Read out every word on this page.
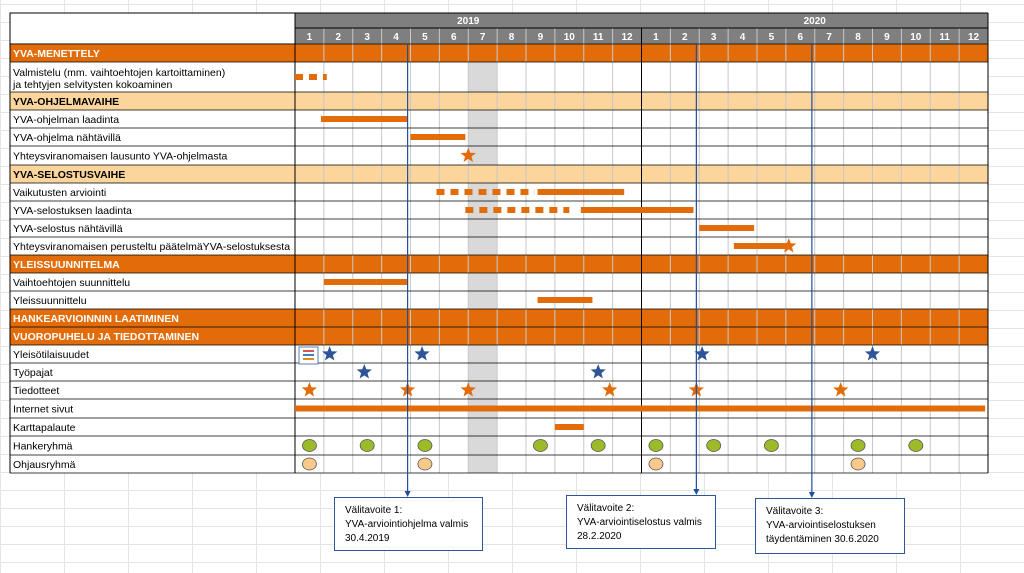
2019	2020
1 2 3 4 5 6 7 8 9 10 11 12 1 2 3 4 5 6 7 8 9 10 11 12
YVA-MENETTELY
Valmistelu (mm. vaihtoehtojen kartoittaminen)
ja tehtyjen selvitysten kokoaminen
YVA-OHJELMAVAIHE
YVA-ohjelman laadinta
YVA-ohjelma nähtävillä
Yhteysviranomaisen lausunto YVA-ohjelmasta
YVA-SELOSTUSVAIHE
Vaikutusten arviointi
YVA-selostuksen laadinta
YVA-selostus nähtävillä
Yhteysviranomaisen perusteltu päätelmäYVA-selostuksesta
YLEISSUUNNITELMA
Vaihtoehtojen suunnittelu
Yleissuunnittelu
HANKEARVIOINNIN LAATIMINEN
VUOROPUHELU JA TIEDOTTAMINEN
Yleisötilaisuudet
Työpajat
Tiedotteet
Internet sivut
Karttapalaute
Hankeryhmä
Ohjausryhmä
Välitavoite 1:
YVA-arviointiohjelma valmis
30.4.2019
Välitavoite 2:
YVA-arviointiselostus valmis
28.2.2020
Välitavoite 3:
YVA-arviointiselostuksen
täydentäminen 30.6.2020
